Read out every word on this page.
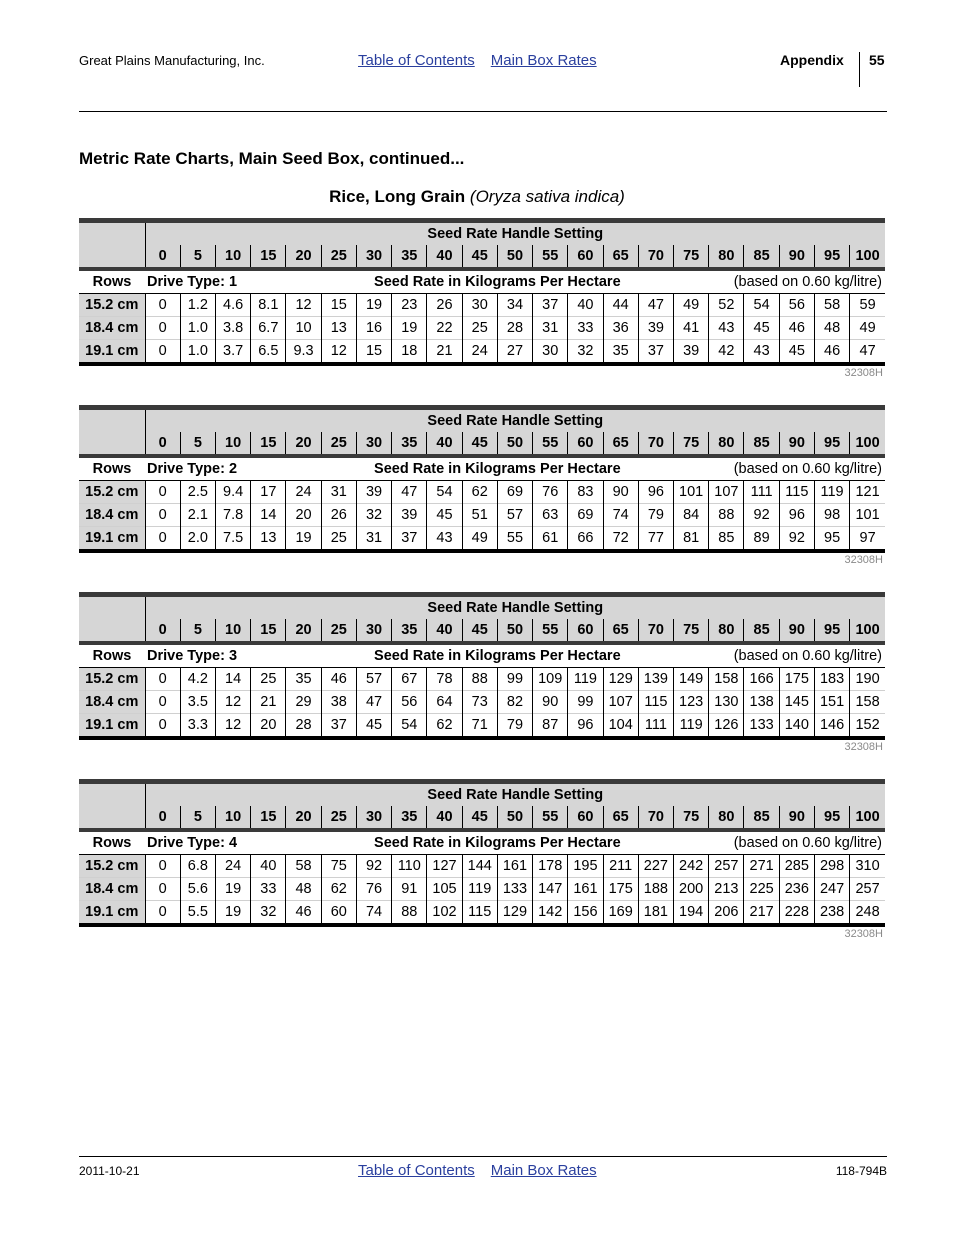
Great Plains Manufacturing, Inc.	Table of Contents Main Box Rates	Appendix 55
Metric Rate Charts, Main Seed Box, continued...
Rice, Long Grain (Oryza sativa indica)
	Seed Rate Handle Setting																				
	0	5	10	15	20	25	30	35	40	45	50	55	60	65	70	75	80	85	90	95	100
Rows	Drive Type: 1				Seed Rate in Kilograms Per Hectare												(based on 0.60 kg/litre)				
15.2 cm	0	1.2	4.6	8.1	12	15	19	23	26	30	34	37	40	44	47	49	52	54	56	58	59
18.4 cm	0	1.0	3.8	6.7	10	13	16	19	22	25	28	31	33	36	39	41	43	45	46	48	49
19.1 cm	0	1.0	3.7	6.5	9.3	12	15	18	21	24	27	30	32	35	37	39	42	43	45	46	47
32308H
	Seed Rate Handle Setting																				
	0	5	10	15	20	25	30	35	40	45	50	55	60	65	70	75	80	85	90	95	100
Rows	Drive Type: 2				Seed Rate in Kilograms Per Hectare												(based on 0.60 kg/litre)				
15.2 cm	0	2.5	9.4	17	24	31	39	47	54	62	69	76	83	90	96	101	107	111	115	119	121
18.4 cm	0	2.1	7.8	14	20	26	32	39	45	51	57	63	69	74	79	84	88	92	96	98	101
19.1 cm	0	2.0	7.5	13	19	25	31	37	43	49	55	61	66	72	77	81	85	89	92	95	97
32308H
	Seed Rate Handle Setting																				
	0	5	10	15	20	25	30	35	40	45	50	55	60	65	70	75	80	85	90	95	100
Rows	Drive Type: 3				Seed Rate in Kilograms Per Hectare												(based on 0.60 kg/litre)				
15.2 cm	0	4.2	14	25	35	46	57	67	78	88	99	109	119	129	139	149	158	166	175	183	190
18.4 cm	0	3.5	12	21	29	38	47	56	64	73	82	90	99	107	115	123	130	138	145	151	158
19.1 cm	0	3.3	12	20	28	37	45	54	62	71	79	87	96	104	111	119	126	133	140	146	152
32308H
	Seed Rate Handle Setting																				
	0	5	10	15	20	25	30	35	40	45	50	55	60	65	70	75	80	85	90	95	100
Rows	Drive Type: 4				Seed Rate in Kilograms Per Hectare												(based on 0.60 kg/litre)				
15.2 cm	0	6.8	24	40	58	75	92	110	127	144	161	178	195	211	227	242	257	271	285	298	310
18.4 cm	0	5.6	19	33	48	62	76	91	105	119	133	147	161	175	188	200	213	225	236	247	257
19.1 cm	0	5.5	19	32	46	60	74	88	102	115	129	142	156	169	181	194	206	217	228	238	248
32308H
2011-10-21	Table of Contents Main Box Rates	118-794B
